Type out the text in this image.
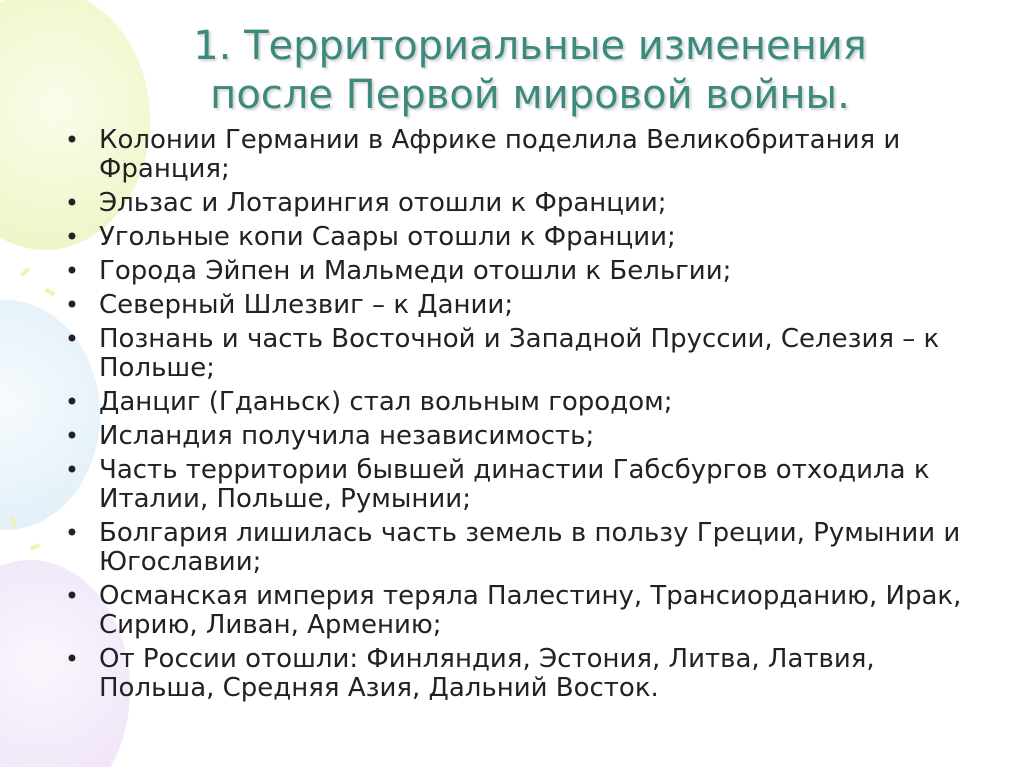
1. Территориальные изменения
после Первой мировой войны.
• Колонии Германии в Африке поделила Великобритания и Франция;
• Эльзас и Лотарингия отошли к Франции;
• Угольные копи Саары отошли к Франции;
• Города Эйпен и Мальмеди отошли к Бельгии;
• Северный Шлезвиг – к Дании;
• Познань и часть Восточной и Западной Пруссии, Селезия – к Польше;
• Данциг (Гданьск) стал вольным городом;
• Исландия получила независимость;
• Часть территории бывшей династии Габсбургов отходила к Италии, Польше, Румынии;
• Болгария лишилась часть земель в пользу Греции, Румынии и Югославии;
• Османская империя теряла Палестину, Трансиорданию, Ирак, Сирию, Ливан, Армению;
• От России отошли: Финляндия, Эстония, Литва, Латвия, Польша, Средняя Азия, Дальний Восток.
